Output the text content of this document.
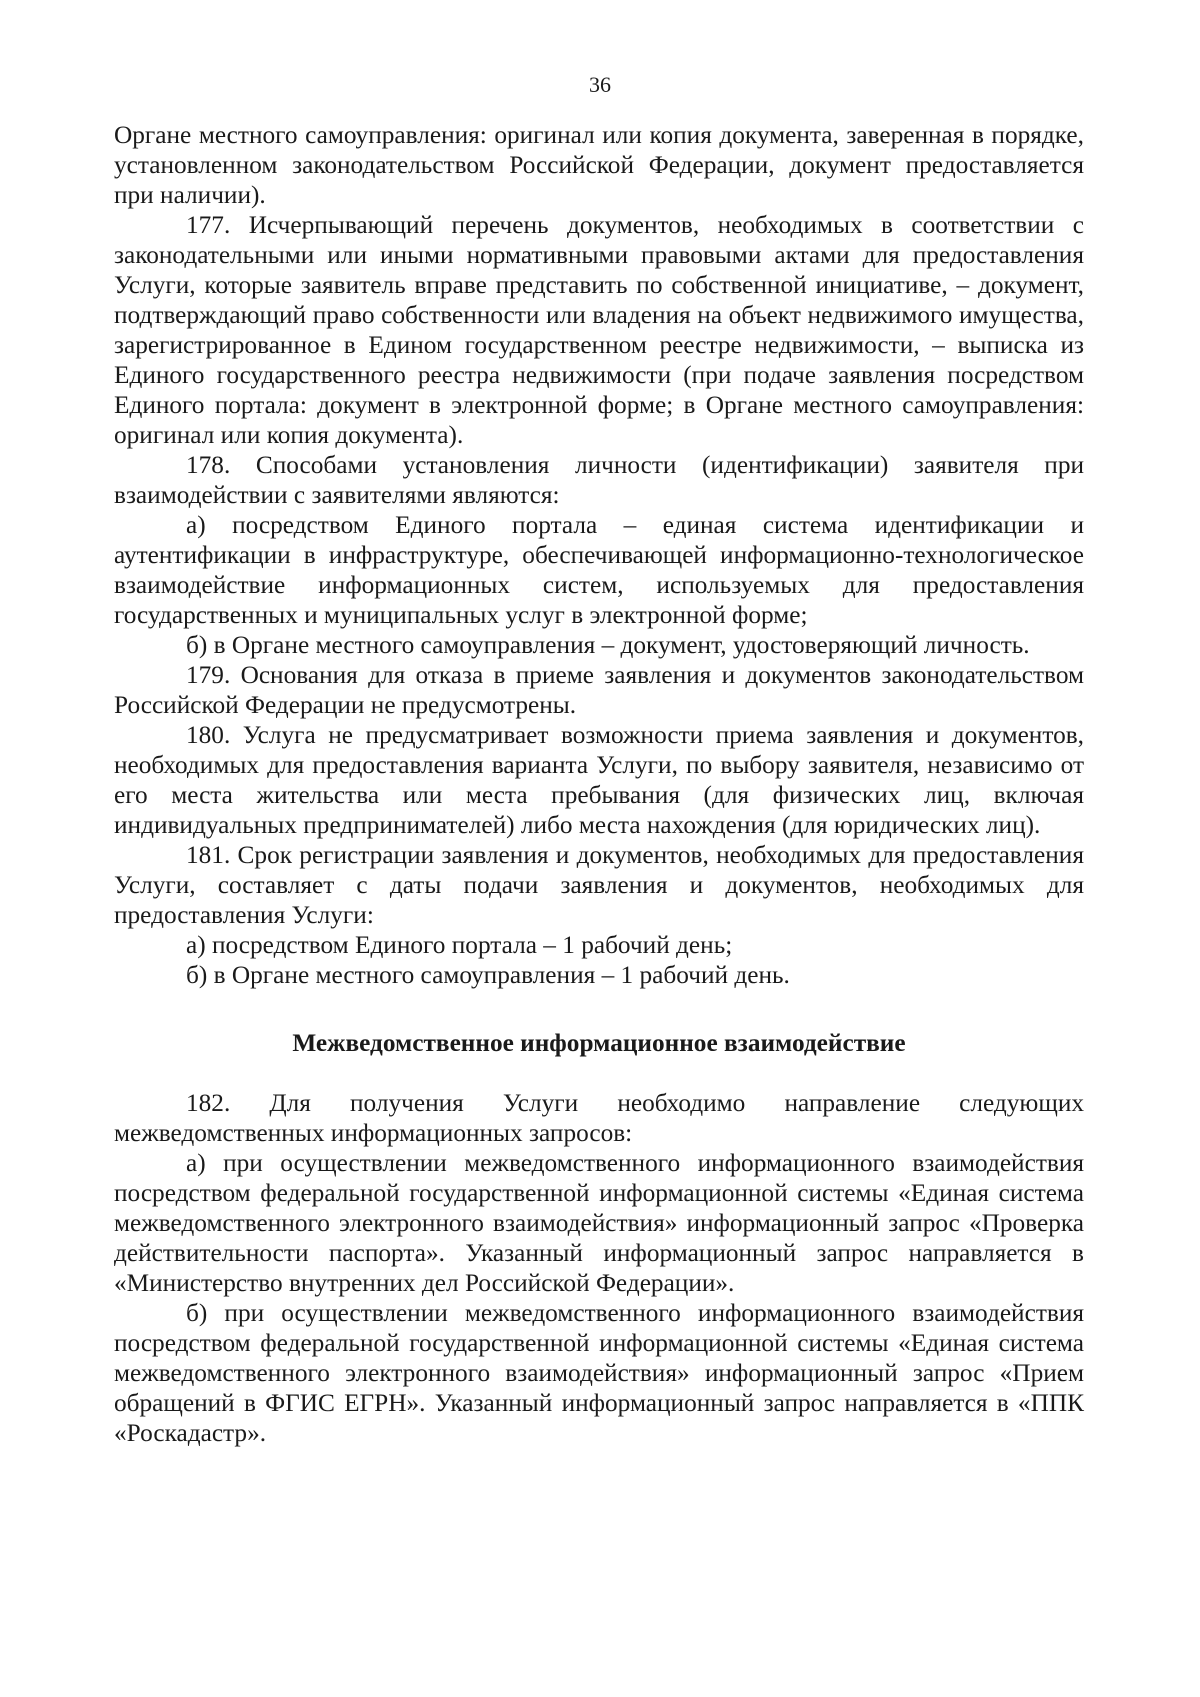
36

Органе местного самоуправления: оригинал или копия документа, заверенная в порядке, установленном законодательством Российской Федерации, документ предоставляется при наличии).

177. Исчерпывающий перечень документов, необходимых в соответствии с законодательными или иными нормативными правовыми актами для предоставления Услуги, которые заявитель вправе представить по собственной инициативе, – документ, подтверждающий право собственности или владения на объект недвижимого имущества, зарегистрированное в Едином государственном реестре недвижимости, – выписка из Единого государственного реестра недвижимости (при подаче заявления посредством Единого портала: документ в электронной форме; в Органе местного самоуправления: оригинал или копия документа).

178. Способами установления личности (идентификации) заявителя при взаимодействии с заявителями являются:

а) посредством Единого портала – единая система идентификации и аутентификации в инфраструктуре, обеспечивающей информационно-технологическое взаимодействие информационных систем, используемых для предоставления государственных и муниципальных услуг в электронной форме;

б) в Органе местного самоуправления – документ, удостоверяющий личность.

179. Основания для отказа в приеме заявления и документов законодательством Российской Федерации не предусмотрены.

180. Услуга не предусматривает возможности приема заявления и документов, необходимых для предоставления варианта Услуги, по выбору заявителя, независимо от его места жительства или места пребывания (для физических лиц, включая индивидуальных предпринимателей) либо места нахождения (для юридических лиц).

181. Срок регистрации заявления и документов, необходимых для предоставления Услуги, составляет с даты подачи заявления и документов, необходимых для предоставления Услуги:

а) посредством Единого портала – 1 рабочий день;

б) в Органе местного самоуправления – 1 рабочий день.

Межведомственное информационное взаимодействие

182. Для получения Услуги необходимо направление следующих межведомственных информационных запросов:

а) при осуществлении межведомственного информационного взаимодействия посредством федеральной государственной информационной системы «Единая система межведомственного электронного взаимодействия» информационный запрос «Проверка действительности паспорта». Указанный информационный запрос направляется в «Министерство внутренних дел Российской Федерации».

б) при осуществлении межведомственного информационного взаимодействия посредством федеральной государственной информационной системы «Единая система межведомственного электронного взаимодействия» информационный запрос «Прием обращений в ФГИС ЕГРН». Указанный информационный запрос направляется в «ППК «Роскадастр».
